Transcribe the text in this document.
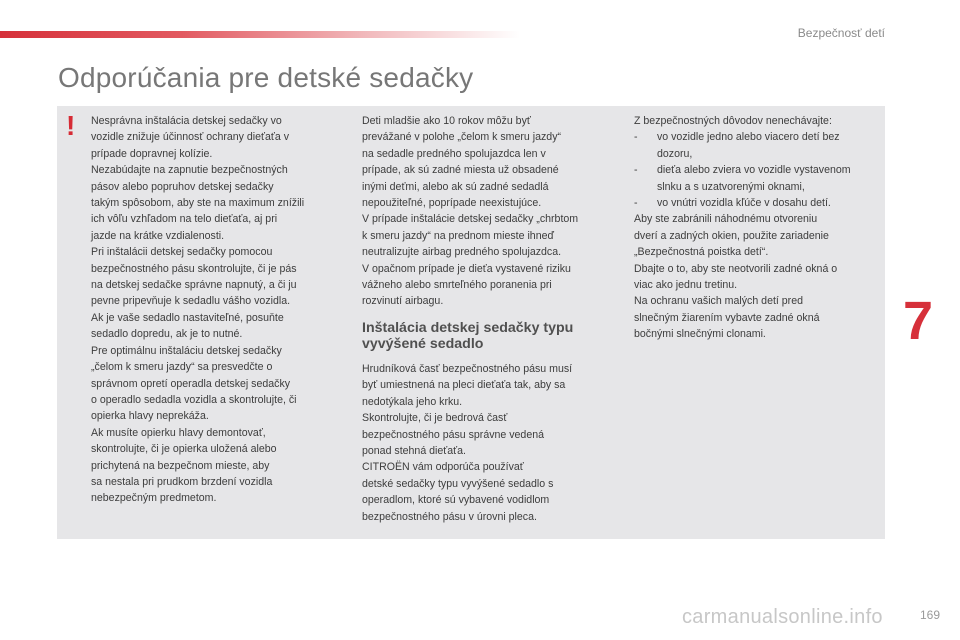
Bezpečnosť detí
Odporúčania pre detské sedačky
! Nesprávna inštalácia detskej sedačky vo

vozidle znižuje účinnosť ochrany dieťaťa v

prípade dopravnej kolízie.

Nezabúdajte na zapnutie bezpečnostných

pásov alebo popruhov detskej sedačky

takým spôsobom, aby ste na maximum znížili

ich vôľu vzhľadom na telo dieťaťa, aj pri

jazde na krátke vzdialenosti.

Pri inštalácii detskej sedačky pomocou

bezpečnostného pásu skontrolujte, či je pás

na detskej sedačke správne napnutý, a či ju

pevne pripevňuje k sedadlu vášho vozidla.

Ak je vaše sedadlo nastaviteľné, posuňte

sedadlo dopredu, ak je to nutné.

Pre optimálnu inštaláciu detskej sedačky

„čelom k smeru jazdy“ sa presvedčte o

správnom opretí operadla detskej sedačky

o operadlo sedadla vozidla a skontrolujte, či

opierka hlavy neprekáža.

Ak musíte opierku hlavy demontovať,

skontrolujte, či je opierka uložená alebo

prichytená na bezpečnom mieste, aby

sa nestala pri prudkom brzdení vozidla

nebezpečným predmetom.

Deti mladšie ako 10 rokov môžu byť

prevážané v polohe „čelom k smeru jazdy“

na sedadle predného spolujazdca len v

prípade, ak sú zadné miesta už obsadené

inými deťmi, alebo ak sú zadné sedadlá

nepoužiteľné, poprípade neexistujúce.

V prípade inštalácie detskej sedačky „chrbtom

k smeru jazdy“ na prednom mieste ihneď

neutralizujte airbag predného spolujazdca.

V opačnom prípade je dieťa vystavené riziku

vážneho alebo smrteľného poranenia pri

rozvinutí airbagu.

Inštalácia detskej sedačky typu

vyvýšené sedadlo

Hrudníková časť bezpečnostného pásu musí

byť umiestnená na pleci dieťaťa tak, aby sa

nedotýkala jeho krku.

Skontrolujte, či je bedrová časť

bezpečnostného pásu správne vedená

ponad stehná dieťaťa.

CITROËN vám odporúča používať

detské sedačky typu vyvýšené sedadlo s

operadlom, ktoré sú vybavené vodidlom

bezpečnostného pásu v úrovni pleca.

Z bezpečnostných dôvodov nenechávajte:

- vo vozidle jedno alebo viacero detí bez

dozoru,

- dieťa alebo zviera vo vozidle vystavenom

slnku a s uzatvorenými oknami,

- vo vnútri vozidla kľúče v dosahu detí.

Aby ste zabránili náhodnému otvoreniu

dverí a zadných okien, použite zariadenie

„Bezpečnostná poistka detí“.

Dbajte o to, aby ste neotvorili zadné okná o

viac ako jednu tretinu.

Na ochranu vašich malých detí pred

slnečným žiarením vybavte zadné okná

bočnými slnečnými clonami.	7
169
carmanualsonline.info
